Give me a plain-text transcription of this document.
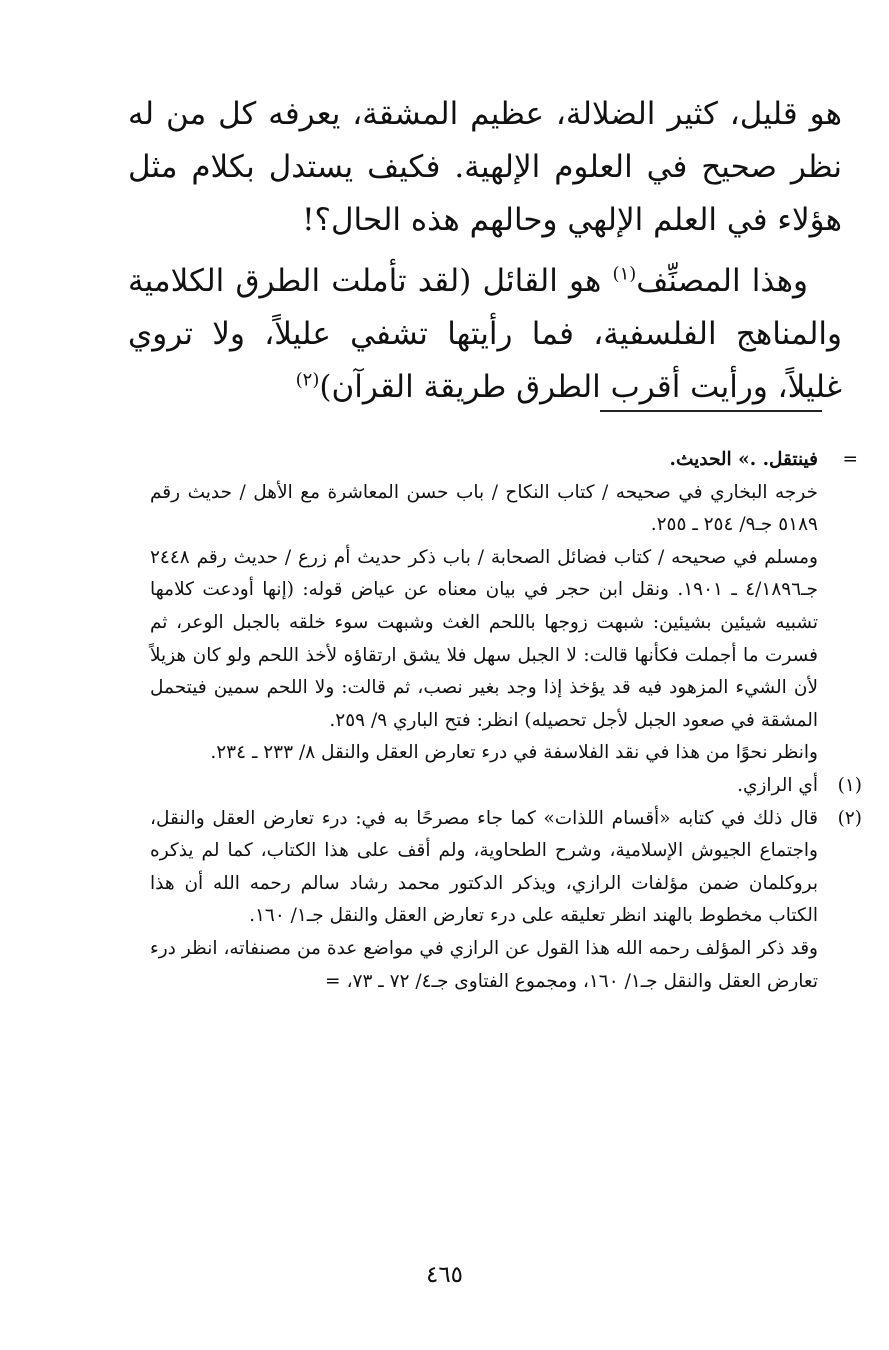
هو قليل، كثير الضلالة، عظيم المشقة، يعرفه كل من له نظر صحيح في العلوم الإلهية. فكيف يستدل بكلام مثل هؤلاء في العلم الإلهي وحالهم هذه الحال؟!

وهذا المصنِّف$^{(١)}$ هو القائل (لقد تأملت الطرق الكلامية والمناهج الفلسفية، فما رأيتها تشفي عليلاً، ولا تروي غليلاً، ورأيت أقرب الطرق طريقة القرآن)$^{(٢)}$

=

فينتقل. .» الحديث.

خرجه البخاري في صحيحه / كتاب النكاح / باب حسن المعاشرة مع الأهل / حديث رقم ٥١٨٩ جـ٩/ ٢٥٤ ـ ٢٥٥.

ومسلم في صحيحه / كتاب فضائل الصحابة / باب ذكر حديث أم زرع / حديث رقم ٢٤٤٨ جـ٤/١٨٩٦ ـ ١٩٠١. ونقل ابن حجر في بيان معناه عن عياض قوله: (إنها أودعت كلامها تشبيه شيئين بشيئين: شبهت زوجها باللحم الغث وشبهت سوء خلقه بالجبل الوعر، ثم فسرت ما أجملت فكأنها قالت: لا الجبل سهل فلا يشق ارتقاؤه لأخذ اللحم ولو كان هزيلاً لأن الشيء المزهود فيه قد يؤخذ إذا وجد بغير نصب، ثم قالت: ولا اللحم سمين فيتحمل المشقة في صعود الجبل لأجل تحصيله) انظر: فتح الباري ٩/ ٢٥٩.

وانظر نحوًا من هذا في نقد الفلاسفة في درء تعارض العقل والنقل ٨/ ٢٣٣ ـ ٢٣٤.

(١)

أي الرازي.

(٢)

قال ذلك في كتابه «أقسام اللذات» كما جاء مصرحًا به في: درء تعارض العقل والنقل، واجتماع الجيوش الإسلامية، وشرح الطحاوية، ولم أقف على هذا الكتاب، كما لم يذكره بروكلمان ضمن مؤلفات الرازي، ويذكر الدكتور محمد رشاد سالم رحمه الله أن هذا الكتاب مخطوط بالهند انظر تعليقه على درء تعارض العقل والنقل جـ١/ ١٦٠.

وقد ذكر المؤلف رحمه الله هذا القول عن الرازي في مواضع عدة من مصنفاته، انظر درء تعارض العقل والنقل جـ١/ ١٦٠، ومجموع الفتاوى جـ٤/ ٧٢ ـ ٧٣،=

٤٦٥
